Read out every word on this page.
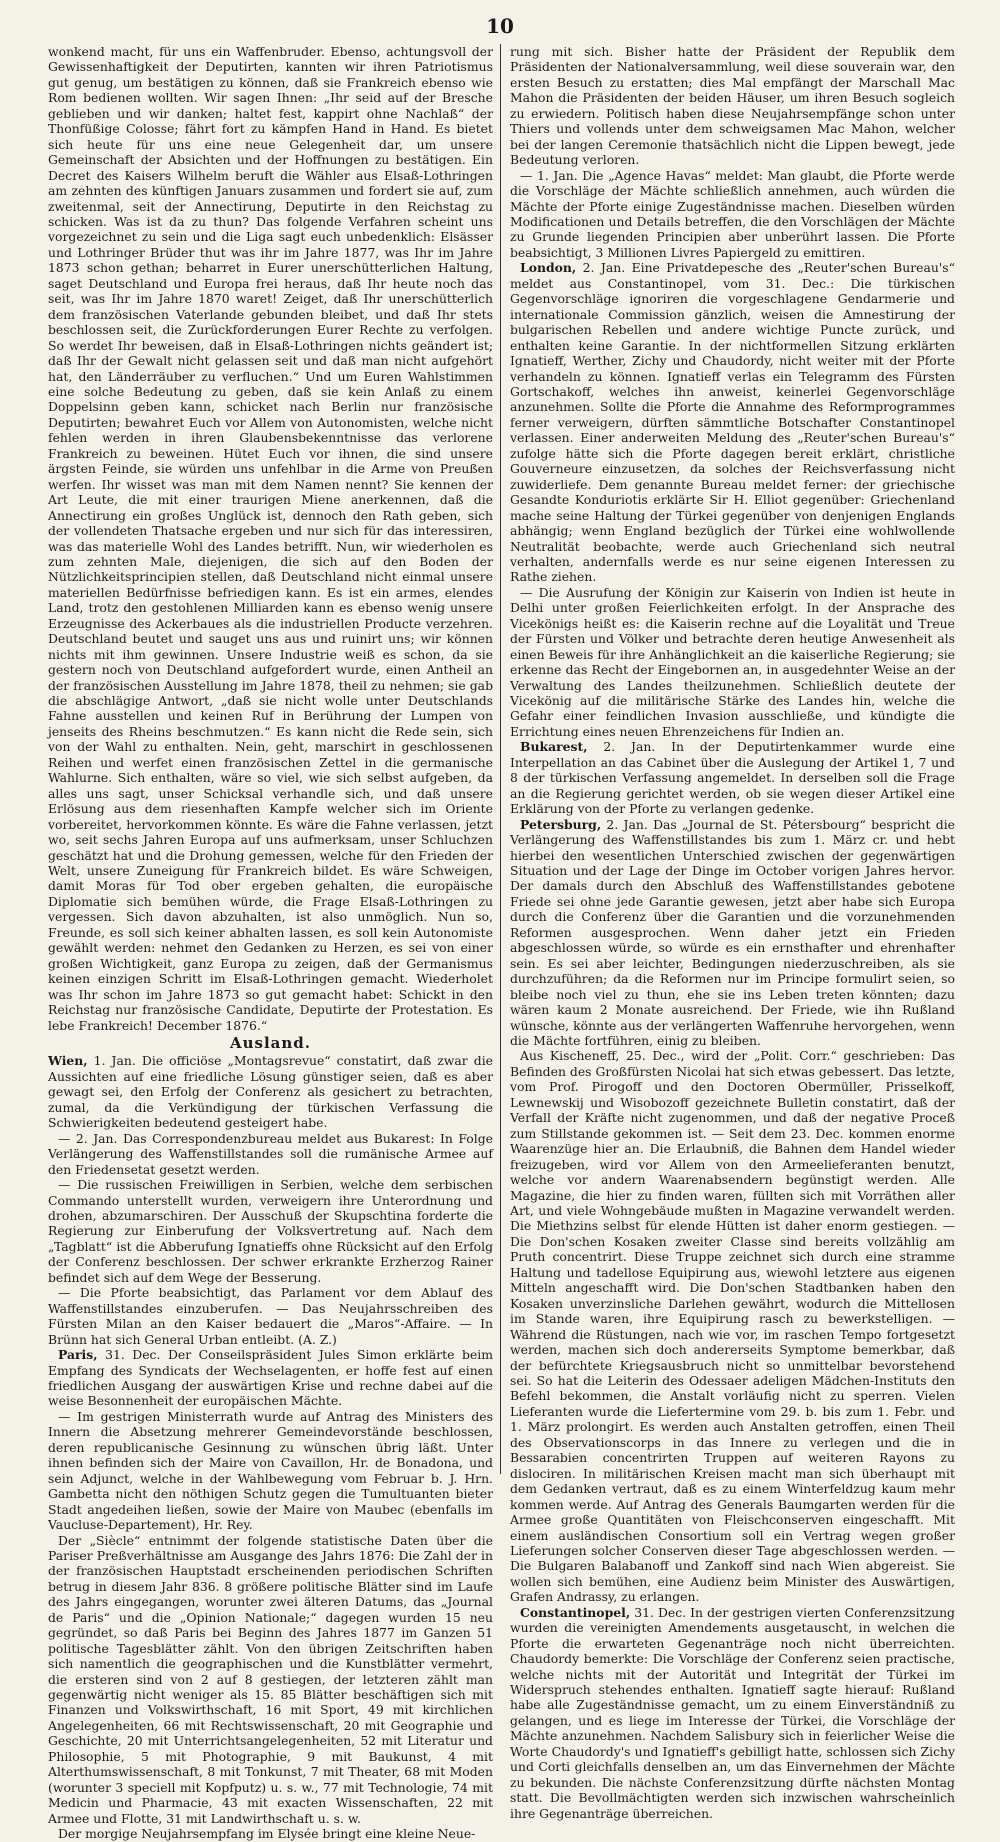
10

wonkend macht, für uns ein Waffenbruder. Ebenso, achtungsvoll der Gewissenhaftigkeit der Deputirten, kannten wir ihren Patriotismus gut genug, um bestätigen zu können, daß sie Frankreich ebenso wie Rom bedienen wollten. Wir sagen Ihnen: „Ihr seid auf der Bresche geblieben und wir danken; haltet fest, kappirt ohne Nachlaß“ der Thonfüßige Colosse; fährt fort zu kämpfen Hand in Hand. Es bietet sich heute für uns eine neue Gelegenheit dar, um unsere Gemeinschaft der Absichten und der Hoffnungen zu bestätigen. Ein Decret des Kaisers Wilhelm beruft die Wähler aus Elsaß-Lothringen am zehnten des künftigen Januars zusammen und fordert sie auf, zum zweitenmal, seit der Annectirung, Deputirte in den Reichstag zu schicken. Was ist da zu thun? Das folgende Verfahren scheint uns vorgezeichnet zu sein und die Liga sagt euch unbedenklich: Elsässer und Lothringer Brüder thut was ihr im Jahre 1877, was Ihr im Jahre 1873 schon gethan; beharret in Eurer unerschütterlichen Haltung, saget Deutschland und Europa frei heraus, daß Ihr heute noch das seit, was Ihr im Jahre 1870 waret! Zeiget, daß Ihr unerschütterlich dem französischen Vaterlande gebunden bleibet, und daß Ihr stets beschlossen seit, die Zurückforderungen Eurer Rechte zu verfolgen. So werdet Ihr beweisen, daß in Elsaß-Lothringen nichts geändert ist; daß Ihr der Gewalt nicht gelassen seit und daß man nicht aufgehört hat, den Länderräuber zu verfluchen.“ Und um Euren Wahlstimmen eine solche Bedeutung zu geben, daß sie kein Anlaß zu einem Doppelsinn geben kann, schicket nach Berlin nur französische Deputirten; bewahret Euch vor Allem von Autonomisten, welche nicht fehlen werden in ihren Glaubensbekenntnisse das verlorene Frankreich zu beweinen. Hütet Euch vor ihnen, die sind unsere ärgsten Feinde, sie würden uns unfehlbar in die Arme von Preußen werfen. Ihr wisset was man mit dem Namen nennt? Sie kennen der Art Leute, die mit einer traurigen Miene anerkennen, daß die Annectirung ein großes Unglück ist, dennoch den Rath geben, sich der vollendeten Thatsache ergeben und nur sich für das interessiren, was das materielle Wohl des Landes betrifft. Nun, wir wiederholen es zum zehnten Male, diejenigen, die sich auf den Boden der Nützlichkeitsprincipien stellen, daß Deutschland nicht einmal unsere materiellen Bedürfnisse befriedigen kann. Es ist ein armes, elendes Land, trotz den gestohlenen Milliarden kann es ebenso wenig unsere Erzeugnisse des Ackerbaues als die industriellen Producte verzehren. Deutschland beutet und sauget uns aus und ruinirt uns; wir können nichts mit ihm gewinnen. Unsere Industrie weiß es schon, da sie gestern noch von Deutschland aufgefordert wurde, einen Antheil an der französischen Ausstellung im Jahre 1878, theil zu nehmen; sie gab die abschlägige Antwort, „daß sie nicht wolle unter Deutschlands Fahne ausstellen und keinen Ruf in Berührung der Lumpen von jenseits des Rheins beschmutzen.“ Es kann nicht die Rede sein, sich von der Wahl zu enthalten. Nein, geht, marschirt in geschlossenen Reihen und werfet einen französischen Zettel in die germanische Wahlurne. Sich enthalten, wäre so viel, wie sich selbst aufgeben, da alles uns sagt, unser Schicksal verhandle sich, und daß unsere Erlösung aus dem riesenhaften Kampfe welcher sich im Oriente vorbereitet, hervorkommen könnte. Es wäre die Fahne verlassen, jetzt wo, seit sechs Jahren Europa auf uns aufmerksam, unser Schluchzen geschätzt hat und die Drohung gemessen, welche für den Frieden der Welt, unsere Zuneigung für Frankreich bildet. Es wäre Schweigen, damit Moras für Tod ober ergeben gehalten, die europäische Diplomatie sich bemühen würde, die Frage Elsaß-Lothringen zu vergessen. Sich davon abzuhalten, ist also unmöglich. Nun so, Freunde, es soll sich keiner abhalten lassen, es soll kein Autonomiste gewählt werden: nehmet den Gedanken zu Herzen, es sei von einer großen Wichtigkeit, ganz Europa zu zeigen, daß der Germanismus keinen einzigen Schritt im Elsaß-Lothringen gemacht. Wiederholet was Ihr schon im Jahre 1873 so gut gemacht habet: Schickt in den Reichstag nur französische Candidate, Deputirte der Protestation. Es lebe Frankreich! December 1876.“

Ausland.

Wien, 1. Jan. Die officiöse „Montagsrevue“ constatirt, daß zwar die Aussichten auf eine friedliche Lösung günstiger seien, daß es aber gewagt sei, den Erfolg der Conferenz als gesichert zu betrachten, zumal, da die Verkündigung der türkischen Verfassung die Schwierigkeiten bedeutend gesteigert habe.

— 2. Jan. Das Correspondenzbureau meldet aus Bukarest: In Folge Verlängerung des Waffenstillstandes soll die rumänische Armee auf den Friedensetat gesetzt werden.

— Die russischen Freiwilligen in Serbien, welche dem serbischen Commando unterstellt wurden, verweigern ihre Unterordnung und drohen, abzumarschiren. Der Ausschuß der Skupschtina forderte die Regierung zur Einberufung der Volksvertretung auf. Nach dem „Tagblatt“ ist die Abberufung Ignatieffs ohne Rücksicht auf den Erfolg der Conferenz beschlossen. Der schwer erkrankte Erzherzog Rainer befindet sich auf dem Wege der Besserung.

— Die Pforte beabsichtigt, das Parlament vor dem Ablauf des Waffenstillstandes einzuberufen. — Das Neujahrsschreiben des Fürsten Milan an den Kaiser bedauert die „Maros“-Affaire. — In Brünn hat sich General Urban entleibt. (A. Z.)

Paris, 31. Dec. Der Conseilspräsident Jules Simon erklärte beim Empfang des Syndicats der Wechselagenten, er hoffe fest auf einen friedlichen Ausgang der auswärtigen Krise und rechne dabei auf die weise Besonnenheit der europäischen Mächte.

— Im gestrigen Ministerrath wurde auf Antrag des Ministers des Innern die Absetzung mehrerer Gemeindevorstände beschlossen, deren republicanische Gesinnung zu wünschen übrig läßt. Unter ihnen befinden sich der Maire von Cavaillon, Hr. de Bonadona, und sein Adjunct, welche in der Wahlbewegung vom Februar b. J. Hrn. Gambetta nicht den nöthigen Schutz gegen die Tumultuanten bieter Stadt angedeihen ließen, sowie der Maire von Maubec (ebenfalls im Vaucluse-Departement), Hr. Rey.

Der „Siècle“ entnimmt der folgende statistische Daten über die Pariser Preßverhältnisse am Ausgange des Jahrs 1876: Die Zahl der in der französischen Hauptstadt erscheinenden periodischen Schriften betrug in diesem Jahr 836. 8 größere politische Blätter sind im Laufe des Jahrs eingegangen, worunter zwei älteren Datums, das „Journal de Paris“ und die „Opinion Nationale;“ dagegen wurden 15 neu gegründet, so daß Paris bei Beginn des Jahres 1877 im Ganzen 51 politische Tagesblätter zählt. Von den übrigen Zeitschriften haben sich namentlich die geographischen und die Kunstblätter vermehrt, die ersteren sind von 2 auf 8 gestiegen, der letzteren zählt man gegenwärtig nicht weniger als 15. 85 Blätter beschäftigen sich mit Finanzen und Volkswirthschaft, 16 mit Sport, 49 mit kirchlichen Angelegenheiten, 66 mit Rechtswissenschaft, 20 mit Geographie und Geschichte, 20 mit Unterrichtsangelegenheiten, 52 mit Literatur und Philosophie, 5 mit Photographie, 9 mit Baukunst, 4 mit Alterthumswissenschaft, 8 mit Tonkunst, 7 mit Theater, 68 mit Moden (worunter 3 speciell mit Kopfputz) u. s. w., 77 mit Technologie, 74 mit Medicin und Pharmacie, 43 mit exacten Wissenschaften, 22 mit Armee und Flotte, 31 mit Landwirthschaft u. s. w.

Der morgige Neujahrsempfang im Elysée bringt eine kleine Neue-

rung mit sich. Bisher hatte der Präsident der Republik dem Präsidenten der Nationalversammlung, weil diese souverain war, den ersten Besuch zu erstatten; dies Mal empfängt der Marschall Mac Mahon die Präsidenten der beiden Häuser, um ihren Besuch sogleich zu erwiedern. Politisch haben diese Neujahrsempfänge schon unter Thiers und vollends unter dem schweigsamen Mac Mahon, welcher bei der langen Ceremonie thatsächlich nicht die Lippen bewegt, jede Bedeutung verloren.

— 1. Jan. Die „Agence Havas“ meldet: Man glaubt, die Pforte werde die Vorschläge der Mächte schließlich annehmen, auch würden die Mächte der Pforte einige Zugeständnisse machen. Dieselben würden Modificationen und Details betreffen, die den Vorschlägen der Mächte zu Grunde liegenden Principien aber unberührt lassen. Die Pforte beabsichtigt, 3 Millionen Livres Papiergeld zu emittiren.

London, 2. Jan. Eine Privatdepesche des „Reuter'schen Bureau's“ meldet aus Constantinopel, vom 31. Dec.: Die türkischen Gegenvorschläge ignoriren die vorgeschlagene Gendarmerie und internationale Commission gänzlich, weisen die Amnestirung der bulgarischen Rebellen und andere wichtige Puncte zurück, und enthalten keine Garantie. In der nichtformellen Sitzung erklärten Ignatieff, Werther, Zichy und Chaudordy, nicht weiter mit der Pforte verhandeln zu können. Ignatieff verlas ein Telegramm des Fürsten Gortschakoff, welches ihn anweist, keinerlei Gegenvorschläge anzunehmen. Sollte die Pforte die Annahme des Reformprogrammes ferner verweigern, dürften sämmtliche Botschafter Constantinopel verlassen. Einer anderweiten Meldung des „Reuter'schen Bureau's“ zufolge hätte sich die Pforte dagegen bereit erklärt, christliche Gouverneure einzusetzen, da solches der Reichsverfassung nicht zuwiderliefe. Dem genannte Bureau meldet ferner: der griechische Gesandte Konduriotis erklärte Sir H. Elliot gegenüber: Griechenland mache seine Haltung der Türkei gegenüber von denjenigen Englands abhängig; wenn England bezüglich der Türkei eine wohlwollende Neutralität beobachte, werde auch Griechenland sich neutral verhalten, andernfalls werde es nur seine eigenen Interessen zu Rathe ziehen.

— Die Ausrufung der Königin zur Kaiserin von Indien ist heute in Delhi unter großen Feierlichkeiten erfolgt. In der Ansprache des Vicekönigs heißt es: die Kaiserin rechne auf die Loyalität und Treue der Fürsten und Völker und betrachte deren heutige Anwesenheit als einen Beweis für ihre Anhänglichkeit an die kaiserliche Regierung; sie erkenne das Recht der Eingebornen an, in ausgedehnter Weise an der Verwaltung des Landes theilzunehmen. Schließlich deutete der Vicekönig auf die militärische Stärke des Landes hin, welche die Gefahr einer feindlichen Invasion ausschließe, und kündigte die Errichtung eines neuen Ehrenzeichens für Indien an.

Bukarest, 2. Jan. In der Deputirtenkammer wurde eine Interpellation an das Cabinet über die Auslegung der Artikel 1, 7 und 8 der türkischen Verfassung angemeldet. In derselben soll die Frage an die Regierung gerichtet werden, ob sie wegen dieser Artikel eine Erklärung von der Pforte zu verlangen gedenke.

Petersburg, 2. Jan. Das „Journal de St. Pétersbourg“ bespricht die Verlängerung des Waffenstillstandes bis zum 1. März cr. und hebt hierbei den wesentlichen Unterschied zwischen der gegenwärtigen Situation und der Lage der Dinge im October vorigen Jahres hervor. Der damals durch den Abschluß des Waffenstillstandes gebotene Friede sei ohne jede Garantie gewesen, jetzt aber habe sich Europa durch die Conferenz über die Garantien und die vorzunehmenden Reformen ausgesprochen. Wenn daher jetzt ein Frieden abgeschlossen würde, so würde es ein ernsthafter und ehrenhafter sein. Es sei aber leichter, Bedingungen niederzuschreiben, als sie durchzuführen; da die Reformen nur im Principe formulirt seien, so bleibe noch viel zu thun, ehe sie ins Leben treten könnten; dazu wären kaum 2 Monate ausreichend. Der Friede, wie ihn Rußland wünsche, könnte aus der verlängerten Waffenruhe hervorgehen, wenn die Mächte fortführen, einig zu bleiben.

Aus Kischeneff, 25. Dec., wird der „Polit. Corr.“ geschrieben: Das Befinden des Großfürsten Nicolai hat sich etwas gebessert. Das letzte, vom Prof. Pirogoff und den Doctoren Obermüller, Prisselkoff, Lewnewskij und Wisobozoff gezeichnete Bulletin constatirt, daß der Verfall der Kräfte nicht zugenommen, und daß der negative Proceß zum Stillstande gekommen ist. — Seit dem 23. Dec. kommen enorme Waarenzüge hier an. Die Erlaubniß, die Bahnen dem Handel wieder freizugeben, wird vor Allem von den Armeelieferanten benutzt, welche vor andern Waarenabsendern begünstigt werden. Alle Magazine, die hier zu finden waren, füllten sich mit Vorräthen aller Art, und viele Wohngebäude mußten in Magazine verwandelt werden. Die Miethzins selbst für elende Hütten ist daher enorm gestiegen. — Die Don'schen Kosaken zweiter Classe sind bereits vollzählig am Pruth concentrirt. Diese Truppe zeichnet sich durch eine stramme Haltung und tadellose Equipirung aus, wiewohl letztere aus eigenen Mitteln angeschafft wird. Die Don'schen Stadtbanken haben den Kosaken unverzinsliche Darlehen gewährt, wodurch die Mittellosen im Stande waren, ihre Equipirung rasch zu bewerkstelligen. — Während die Rüstungen, nach wie vor, im raschen Tempo fortgesetzt werden, machen sich doch andererseits Symptome bemerkbar, daß der befürchtete Kriegsausbruch nicht so unmittelbar bevorstehend sei. So hat die Leiterin des Odessaer adeligen Mädchen-Instituts den Befehl bekommen, die Anstalt vorläufig nicht zu sperren. Vielen Lieferanten wurde die Lieferterminе vom 29. b. bis zum 1. Febr. und 1. März prolongirt. Es werden auch Anstalten getroffen, einen Theil des Observationscorps in das Innere zu verlegen und die in Bessarabien concentrirten Truppen auf weiteren Rayons zu dislociren. In militärischen Kreisen macht man sich überhaupt mit dem Gedanken vertraut, daß es zu einem Winterfeldzug kaum mehr kommen werde. Auf Antrag des Generals Baumgarten werden für die Armee große Quantitäten von Fleischconserven eingeschafft. Mit einem ausländischen Consortium soll ein Vertrag wegen großer Lieferungen solcher Conserven dieser Tage abgeschlossen werden. — Die Bulgaren Balabanoff und Zankoff sind nach Wien abgereist. Sie wollen sich bemühen, eine Audienz beim Minister des Auswärtigen, Grafen Andrassy, zu erlangen.

Constantinopel, 31. Dec. In der gestrigen vierten Conferenzsitzung wurden die vereinigten Amendements ausgetauscht, in welchen die Pforte die erwarteten Gegenanträge noch nicht überreichten. Chaudordy bemerkte: Die Vorschläge der Conferenz seien practische, welche nichts mit der Autorität und Integrität der Türkei im Widerspruch stehendes enthalten. Ignatieff sagte hierauf: Rußland habe alle Zugeständnisse gemacht, um zu einem Einverständniß zu gelangen, und es liege im Interesse der Türkei, die Vorschläge der Mächte anzunehmen. Nachdem Salisbury sich in feierlicher Weise die Worte Chaudordy's und Ignatieff's gebilligt hatte, schlossen sich Zichy und Corti gleichfalls denselben an, um das Einvernehmen der Mächte zu bekunden. Die nächste Conferenzsitzung dürfte nächsten Montag statt. Die Bevollmächtigten werden sich inzwischen wahrscheinlich ihre Gegenanträge überreichen.
